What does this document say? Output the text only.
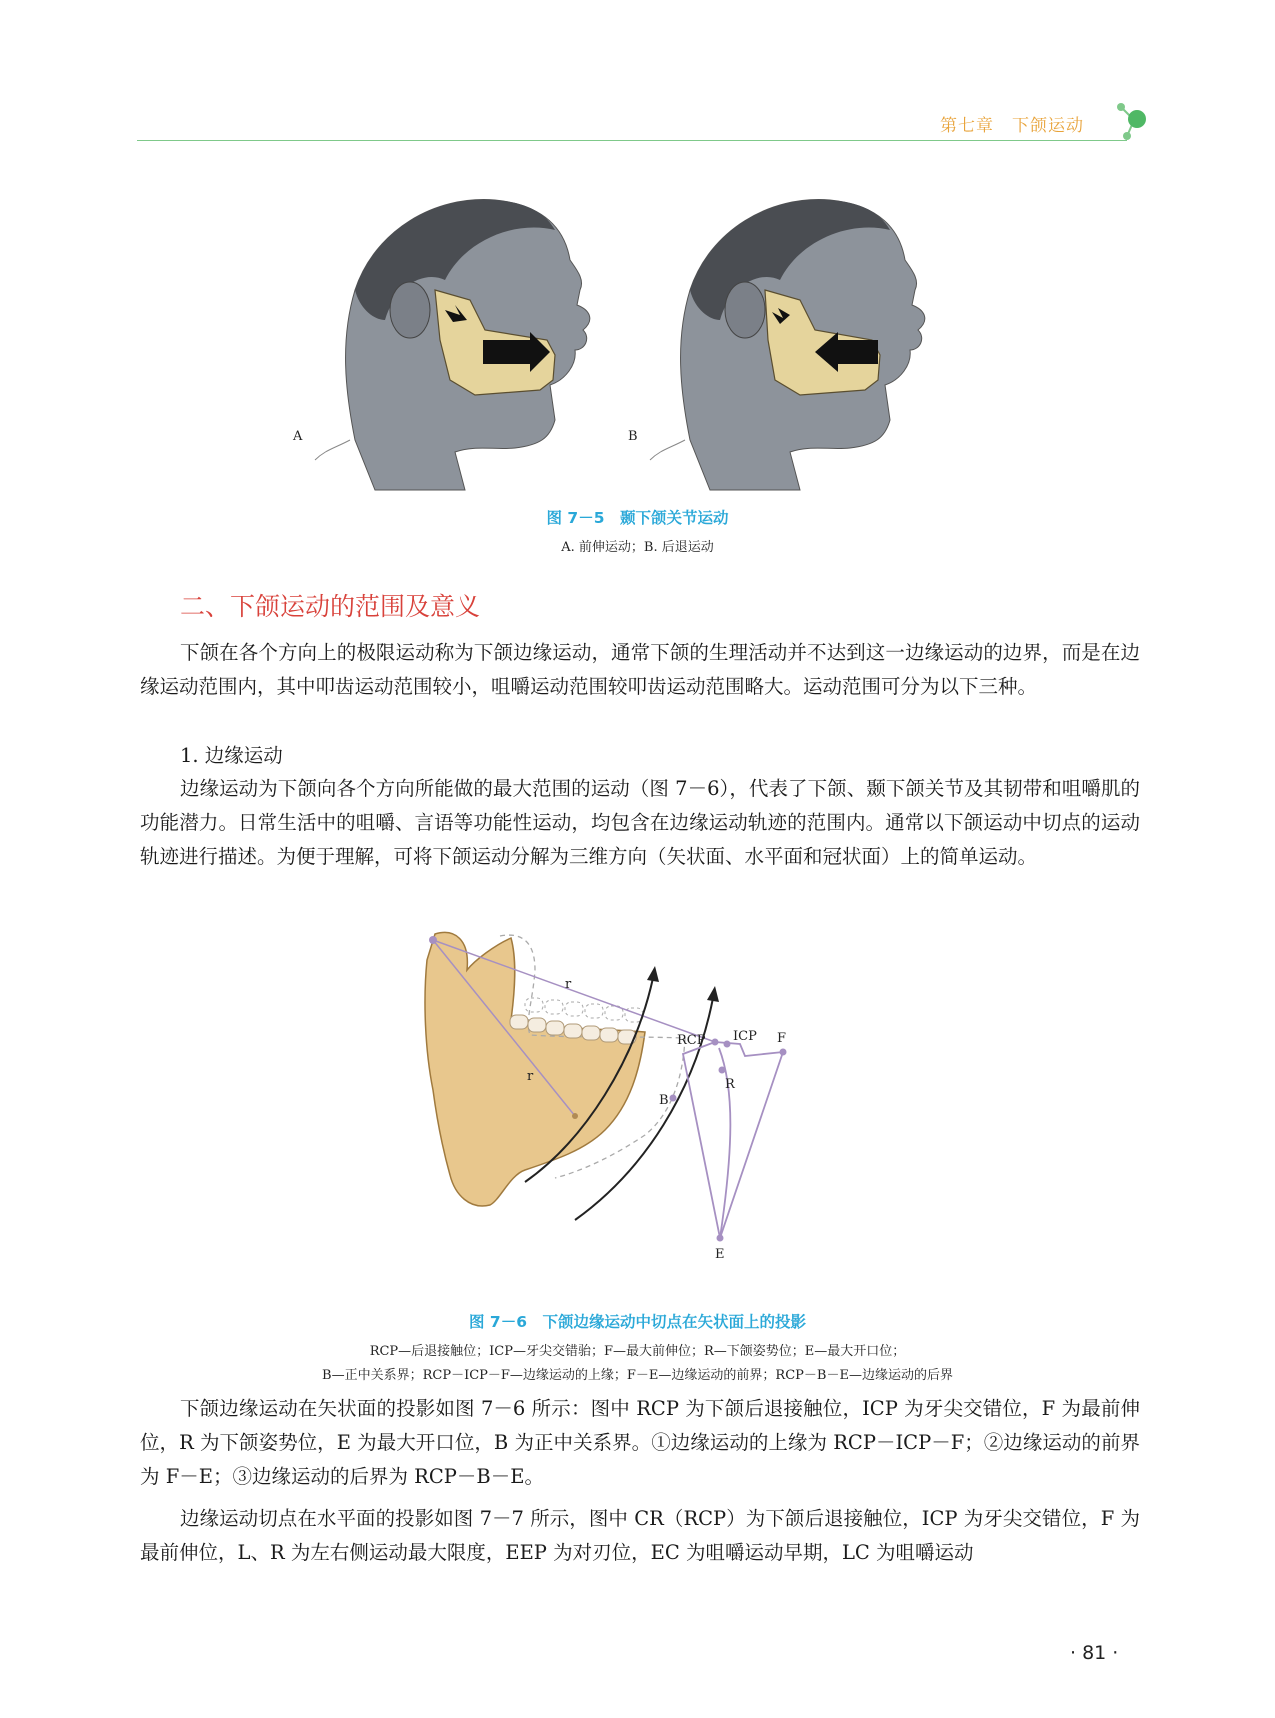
第七章　下颌运动
A	B
图 7－5　颞下颌关节运动
A. 前伸运动；B. 后退运动
二、下颌运动的范围及意义
下颌在各个方向上的极限运动称为下颌边缘运动，通常下颌的生理活动并不达到这一边缘运动的边界，而是在边缘运动范围内，其中叩齿运动范围较小，咀嚼运动范围较叩齿运动范围略大。运动范围可分为以下三种。
1. 边缘运动
边缘运动为下颌向各个方向所能做的最大范围的运动（图 7－6），代表了下颌、颞下颌关节及其韧带和咀嚼肌的功能潜力。日常生活中的咀嚼、言语等功能性运动，均包含在边缘运动轨迹的范围内。通常以下颌运动中切点的运动轨迹进行描述。为便于理解，可将下颌运动分解为三维方向（矢状面、水平面和冠状面）上的简单运动。
r
r
RCP ICP F
R
B
E
图 7－6　下颌边缘运动中切点在矢状面上的投影
RCP—后退接触位；ICP—牙尖交错骀；F—最大前伸位；R—下颌姿势位；E—最大开口位；
B—正中关系界；RCP－ICP－F—边缘运动的上缘；F－E—边缘运动的前界；RCP－B－E—边缘运动的后界
下颌边缘运动在矢状面的投影如图 7－6 所示：图中 RCP 为下颌后退接触位，ICP 为牙尖交错位，F 为最前伸位，R 为下颌姿势位，E 为最大开口位，B 为正中关系界。①边缘运动的上缘为 RCP－ICP－F；②边缘运动的前界为 F－E；③边缘运动的后界为 RCP－B－E。
边缘运动切点在水平面的投影如图 7－7 所示，图中 CR（RCP）为下颌后退接触位，ICP 为牙尖交错位，F 为最前伸位，L、R 为左右侧运动最大限度，EEP 为对刃位，EC 为咀嚼运动早期，LC 为咀嚼运动
· 81 ·
